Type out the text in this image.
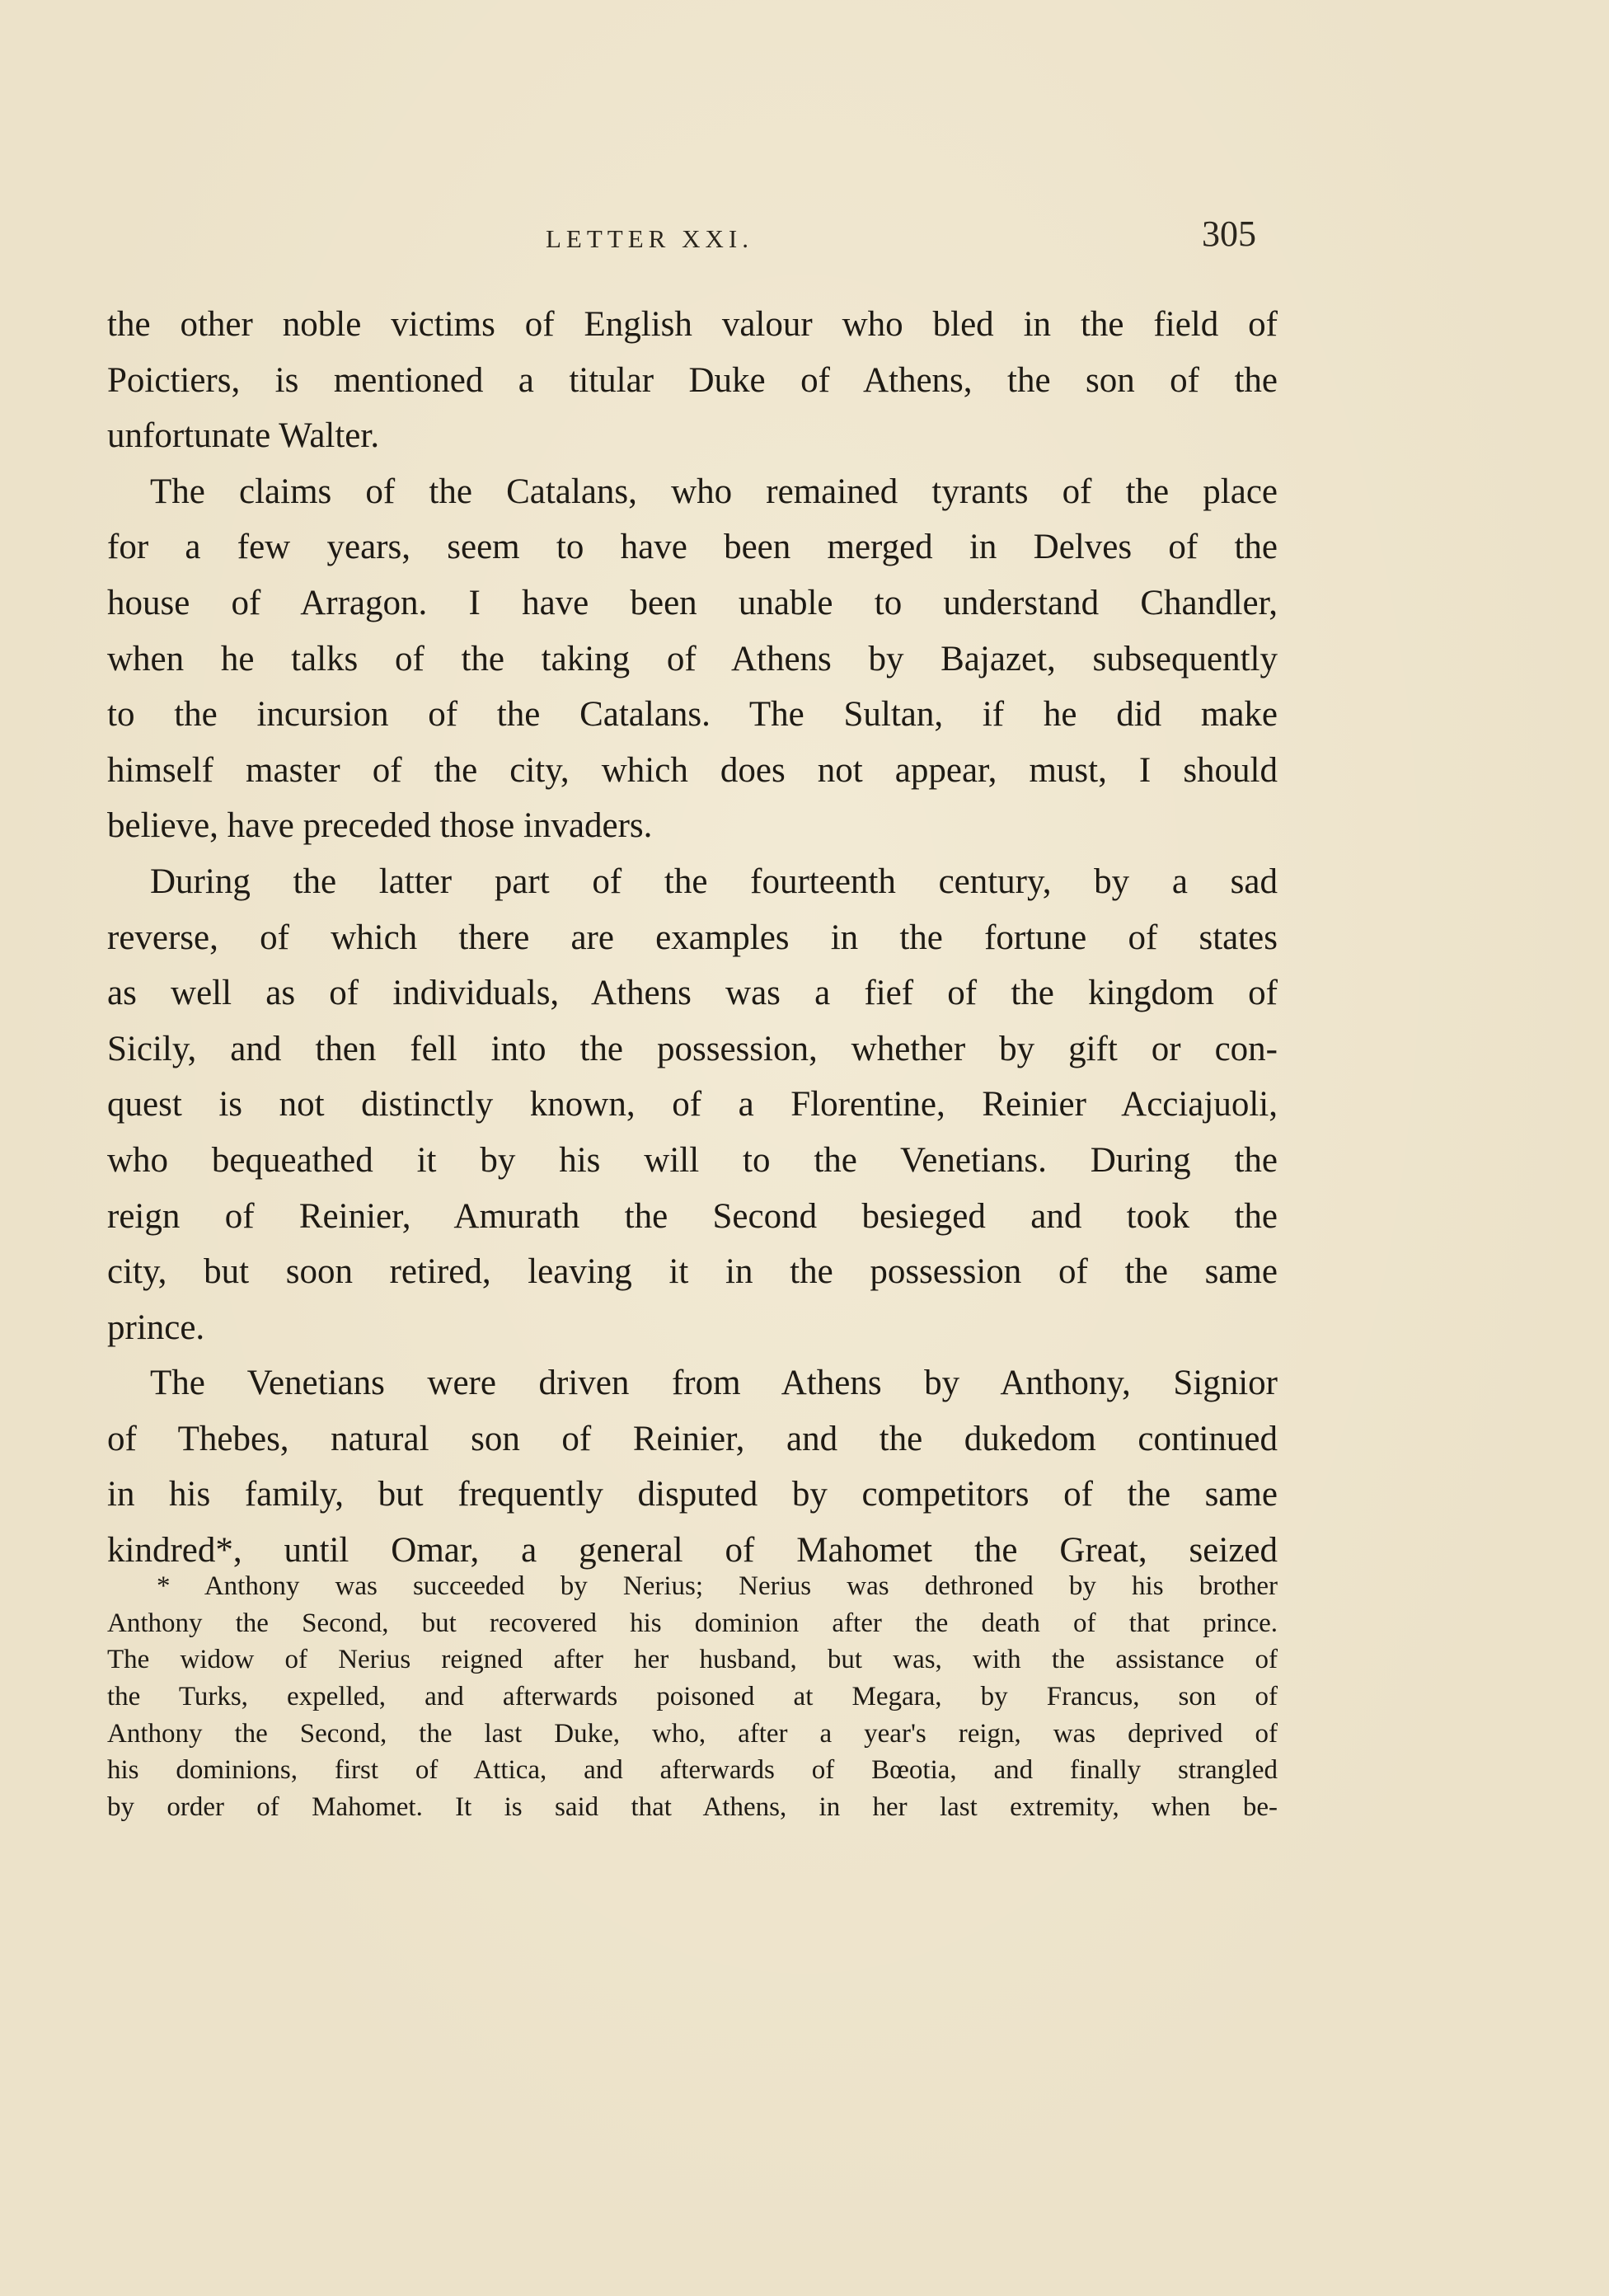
LETTER XXI.	305
the other noble victims of English valour who bled in the field of
Poictiers, is mentioned a titular Duke of Athens, the son of the
unfortunate Walter.
The claims of the Catalans, who remained tyrants of the place
for a few years, seem to have been merged in Delves of the
house of Arragon. I have been unable to understand Chandler,
when he talks of the taking of Athens by Bajazet, subsequently
to the incursion of the Catalans. The Sultan, if he did make
himself master of the city, which does not appear, must, I should
believe, have preceded those invaders.
During the latter part of the fourteenth century, by a sad
reverse, of which there are examples in the fortune of states
as well as of individuals, Athens was a fief of the kingdom of
Sicily, and then fell into the possession, whether by gift or con-
quest is not distinctly known, of a Florentine, Reinier Acciajuoli,
who bequeathed it by his will to the Venetians. During the
reign of Reinier, Amurath the Second besieged and took the
city, but soon retired, leaving it in the possession of the same
prince.
The Venetians were driven from Athens by Anthony, Signior
of Thebes, natural son of Reinier, and the dukedom continued
in his family, but frequently disputed by competitors of the same
kindred*, until Omar, a general of Mahomet the Great, seized
* Anthony was succeeded by Nerius; Nerius was dethroned by his brother
Anthony the Second, but recovered his dominion after the death of that prince.
The widow of Nerius reigned after her husband, but was, with the assistance of
the Turks, expelled, and afterwards poisoned at Megara, by Francus, son of
Anthony the Second, the last Duke, who, after a year's reign, was deprived of
his dominions, first of Attica, and afterwards of Bœotia, and finally strangled
by order of Mahomet. It is said that Athens, in her last extremity, when be-
